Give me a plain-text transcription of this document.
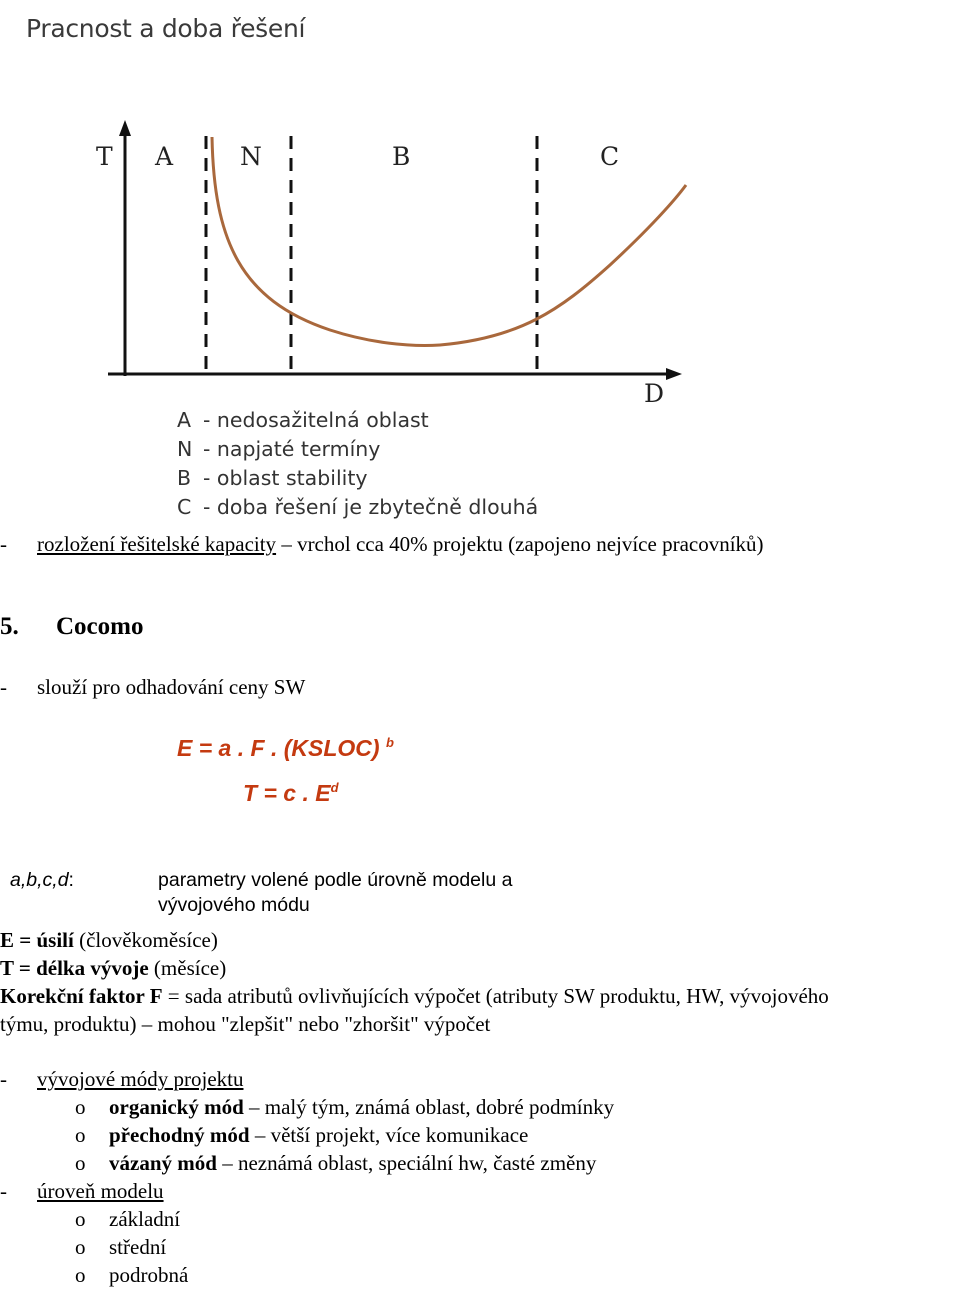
Pracnost a doba řešení
T A	N	B	C
D
A - nedosažitelná oblast
N - napjaté termíny
B - oblast stability
C - doba řešení je zbytečně dlouhá
- rozložení řešitelské kapacity – vrchol cca 40% projektu (zapojeno nejvíce pracovníků)
5. Cocomo
- slouží pro odhadování ceny SW
E = a . F . (KSLOC) $^b$
T = c . $E^d$
a,b,c,d:	parametry volené podle úrovně modelu a
vývojového módu
E = úsilí (člověkoměsíce)
T = délka vývoje (měsíce)
Korekční faktor F = sada atributů ovlivňujících výpočet (atributy SW produktu, HW, vývojového
týmu, produktu) – mohou "zlepšit" nebo "zhoršit" výpočet
- vývojové módy projektu
o organický mód – malý tým, známá oblast, dobré podmínky
o přechodný mód – větší projekt, více komunikace
o vázaný mód – neznámá oblast, speciální hw, časté změny
- úroveň modelu
o základní
o střední
o podrobná
